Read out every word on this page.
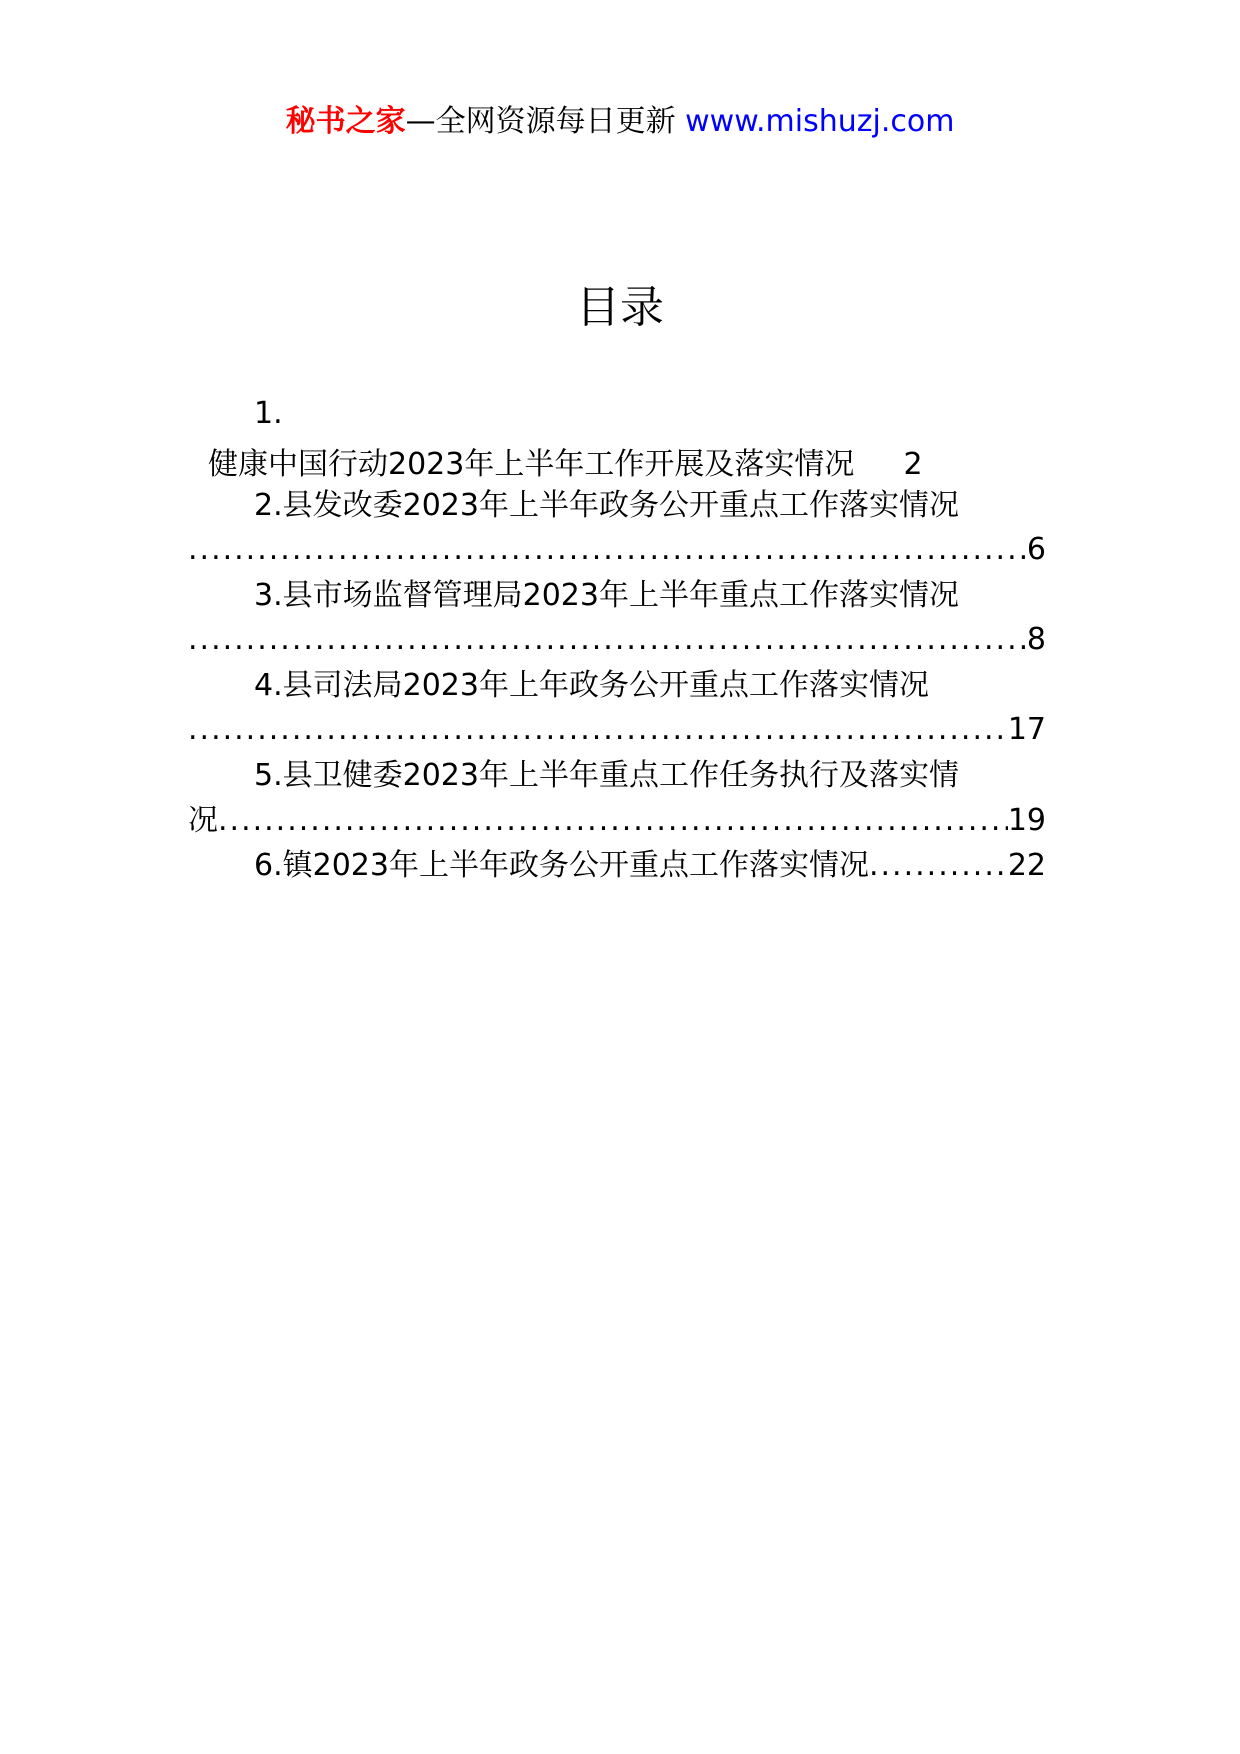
秘书之家—全网资源每日更新 www.mishuzj.com
目录
1.
健康中国行动2023年上半年工作开展及落实情况 2
2.县发改委2023年上半年政务公开重点工作落实情况
.....
6
3.县市场监督管理局2023年上半年重点工作落实情况
.....
8
4.县司法局2023年上年政务公开重点工作落实情况
.....
17
5.县卫健委2023年上半年重点工作任务执行及落实情
况 .....	19
6.镇2023年上半年政务公开重点工作落实情况 .....	22
